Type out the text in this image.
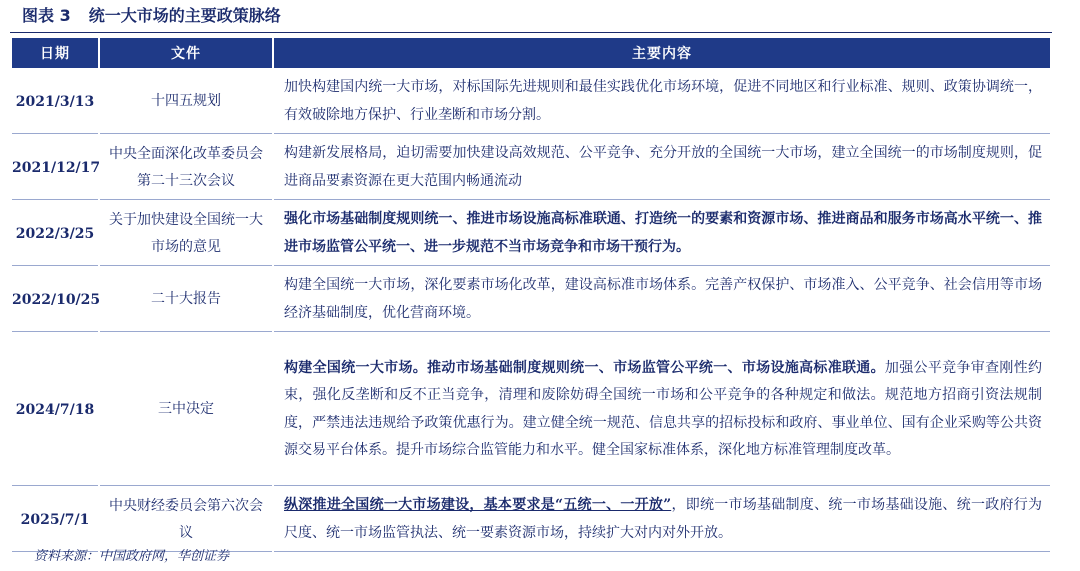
图表 3 统一大市场的主要政策脉络
日期	文件	主要内容
2021/3/13	十四五规划	加快构建国内统一大市场，对标国际先进规则和最佳实践优化市场环境，促进不同地区和行业标准、规则、政策协调统一，有效破除地方保护、行业垄断和市场分割。
2021/12/17	中央全面深化改革委员会第二十三次会议	构建新发展格局，迫切需要加快建设高效规范、公平竞争、充分开放的全国统一大市场，建立全国统一的市场制度规则，促进商品要素资源在更大范围内畅通流动
2022/3/25	关于加快建设全国统一大市场的意见	强化市场基础制度规则统一、推进市场设施高标准联通、打造统一的要素和资源市场、推进商品和服务市场高水平统一、推进市场监管公平统一、进一步规范不当市场竞争和市场干预行为。
2022/10/25	二十大报告	构建全国统一大市场，深化要素市场化改革，建设高标准市场体系。完善产权保护、市场准入、公平竞争、社会信用等市场经济基础制度，优化营商环境。
2024/7/18	三中决定	构建全国统一大市场。推动市场基础制度规则统一、市场监管公平统一、市场设施高标准联通。加强公平竞争审查刚性约束，强化反垄断和反不正当竞争，清理和废除妨碍全国统一市场和公平竞争的各种规定和做法。规范地方招商引资法规制度，严禁违法违规给予政策优惠行为。建立健全统一规范、信息共享的招标投标和政府、事业单位、国有企业采购等公共资源交易平台体系。提升市场综合监管能力和水平。健全国家标准体系，深化地方标准管理制度改革。
2025/7/1	中央财经委员会第六次会议	纵深推进全国统一大市场建设，基本要求是“五统一、一开放”，即统一市场基础制度、统一市场基础设施、统一政府行为尺度、统一市场监管执法、统一要素资源市场，持续扩大对内对外开放。
资料来源：中国政府网，华创证券
